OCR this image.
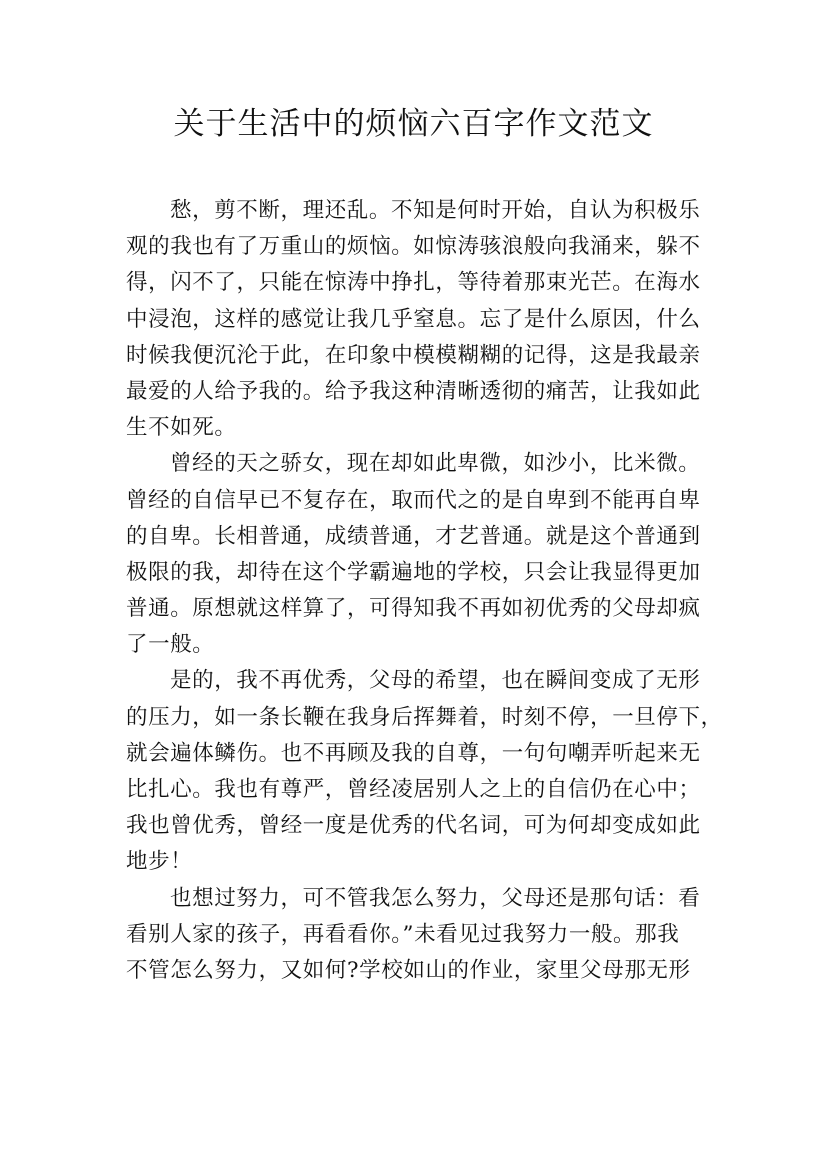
关于生活中的烦恼六百字作文范文
愁，剪不断，理还乱。不知是何时开始，自认为积极乐
观的我也有了万重山的烦恼。如惊涛骇浪般向我涌来，躲不
得，闪不了，只能在惊涛中挣扎，等待着那束光芒。在海水
中浸泡，这样的感觉让我几乎窒息。忘了是什么原因，什么
时候我便沉沦于此，在印象中模模糊糊的记得，这是我最亲
最爱的人给予我的。给予我这种清晰透彻的痛苦，让我如此
生不如死。
曾经的天之骄女，现在却如此卑微，如沙小，比米微。
曾经的自信早已不复存在，取而代之的是自卑到不能再自卑
的自卑。长相普通，成绩普通，才艺普通。就是这个普通到
极限的我，却待在这个学霸遍地的学校，只会让我显得更加
普通。原想就这样算了，可得知我不再如初优秀的父母却疯
了一般。
是的，我不再优秀，父母的希望，也在瞬间变成了无形
的压力，如一条长鞭在我身后挥舞着，时刻不停，一旦停下，
就会遍体鳞伤。也不再顾及我的自尊，一句句嘲弄听起来无
比扎心。我也有尊严，曾经凌居别人之上的自信仍在心中；
我也曾优秀，曾经一度是优秀的代名词，可为何却变成如此
地步！
也想过努力，可不管我怎么努力，父母还是那句话：看
看别人家的孩子，再看看你。”未看见过我努力一般。那我
不管怎么努力，又如何?学校如山的作业，家里父母那无形
